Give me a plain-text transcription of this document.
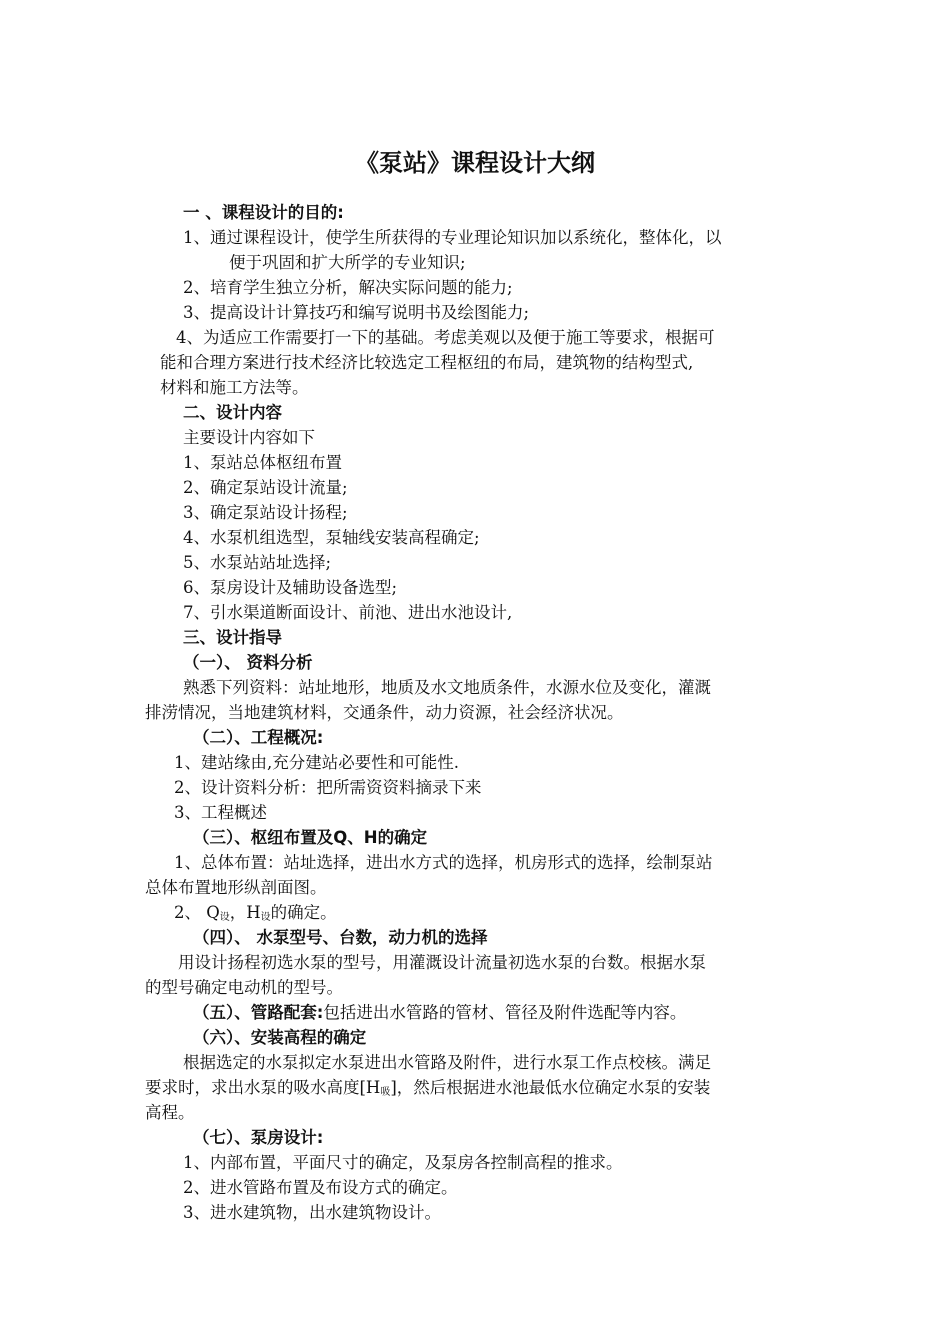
《泵站》课程设计大纲
一 、课程设计的目的:
1、通过课程设计，使学生所获得的专业理论知识加以系统化，整体化，以
便于巩固和扩大所学的专业知识;
2、培育学生独立分析，解决实际问题的能力;
3、提高设计计算技巧和编写说明书及绘图能力;
4、为适应工作需要打一下的基础。考虑美观以及便于施工等要求，根据可
能和合理方案进行技术经济比较选定工程枢纽的布局，建筑物的结构型式,
材料和施工方法等。
二、设计内容
主要设计内容如下
1、泵站总体枢纽布置
2、确定泵站设计流量;
3、确定泵站设计扬程;
4、水泵机组选型，泵轴线安装高程确定;
5、水泵站站址选择;
6、泵房设计及辅助设备选型;
7、引水渠道断面设计、前池、进出水池设计,
三、设计指导
（一）、 资料分析
熟悉下列资料：站址地形，地质及水文地质条件，水源水位及变化，灌溉
排涝情况，当地建筑材料，交通条件，动力资源，社会经济状况。
（二）、工程概况:
1、建站缘由,充分建站必要性和可能性.
2、设计资料分析：把所需资资料摘录下来
3、工程概述
（三）、枢纽布置及Q、H的确定
1、总体布置：站址选择，进出水方式的选择，机房形式的选择，绘制泵站
总体布置地形纵剖面图。
2、 $Q_设$，$H_设$的确定。
（四）、 水泵型号、台数，动力机的选择
用设计扬程初选水泵的型号，用灌溉设计流量初选水泵的台数。根据水泵
的型号确定电动机的型号。
（五）、管路配套:包括进出水管路的管材、管径及附件选配等内容。
（六）、安装高程的确定
根据选定的水泵拟定水泵进出水管路及附件，进行水泵工作点校核。满足
要求时，求出水泵的吸水高度$[H_吸]$，然后根据进水池最低水位确定水泵的安装
高程。
（七）、泵房设计:
1、内部布置，平面尺寸的确定，及泵房各控制高程的推求。
2、进水管路布置及布设方式的确定。
3、进水建筑物，出水建筑物设计。
